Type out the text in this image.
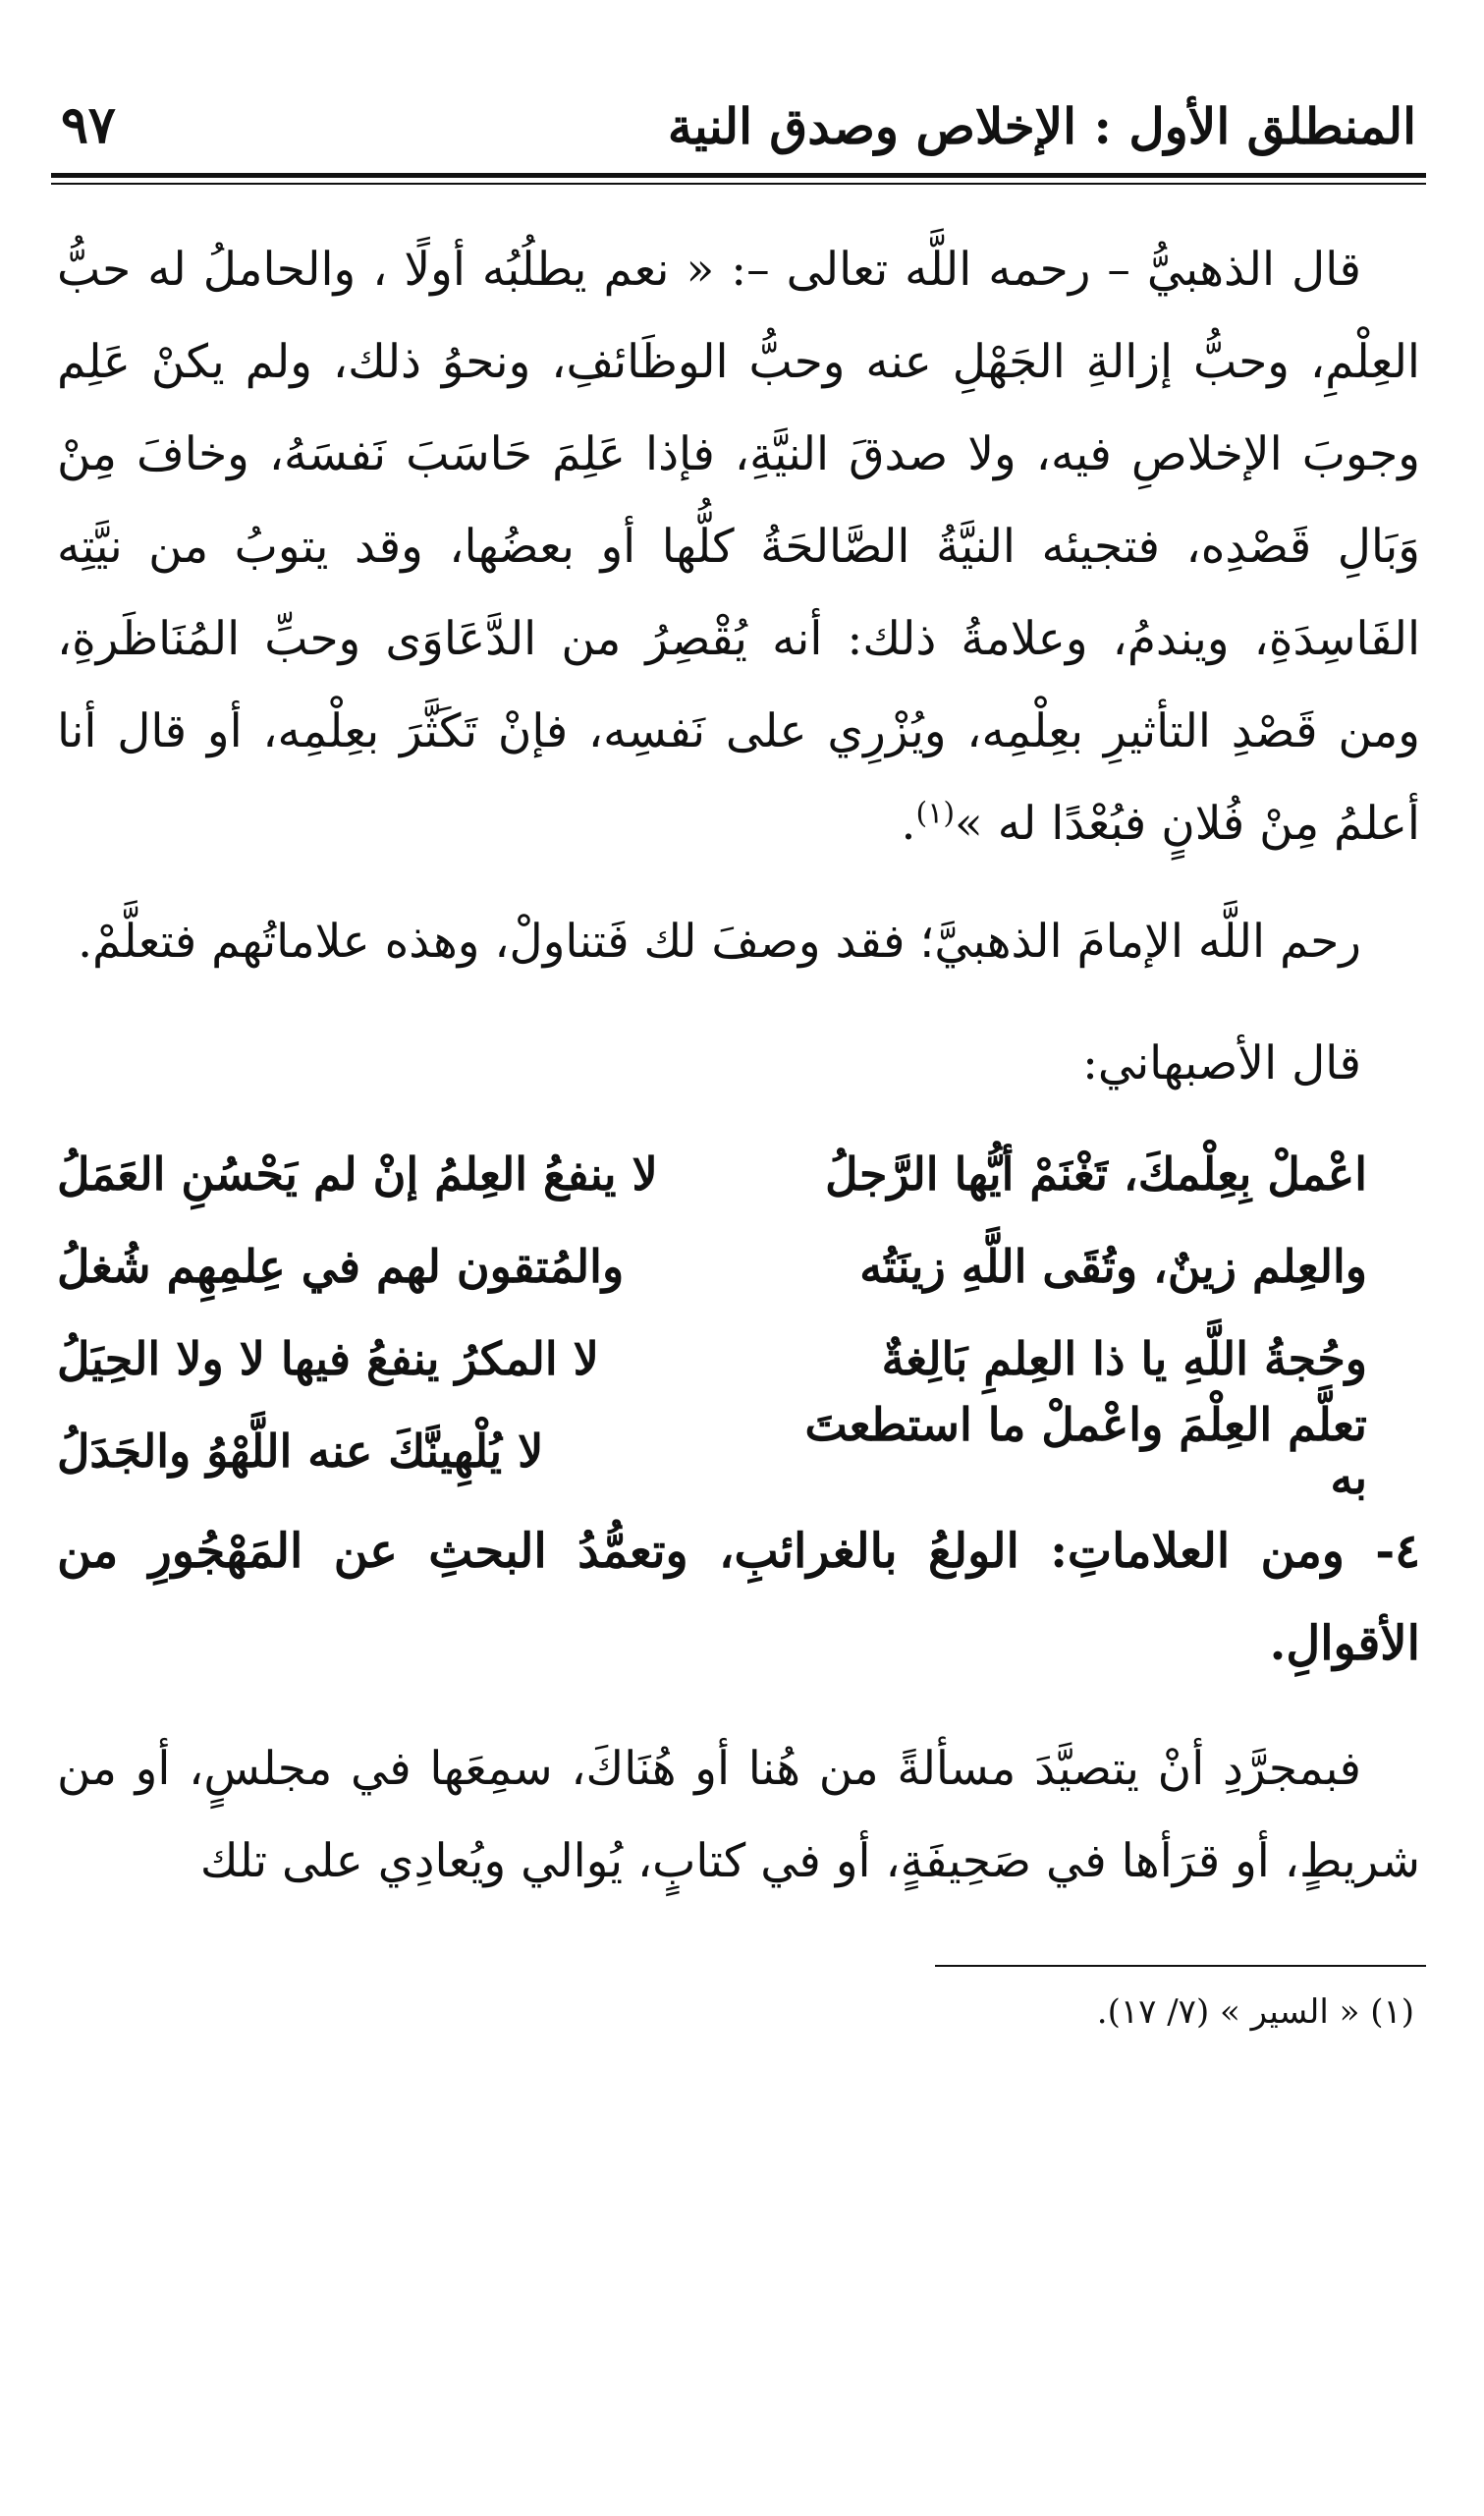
المنطلق الأول : الإخلاص وصدق النية
٩٧

قال الذهبيُّ – رحمه اللَّه تعالى –: « نعم يطلُبُه أولًا ، والحاملُ له حبُّ العِلْمِ، وحبُّ إزالةِ الجَهْلِ عنه وحبُّ الوظَائفِ، ونحوُ ذلك، ولم يكنْ عَلِم وجوبَ الإخلاصِ فيه، ولا صدقَ النيَّةِ، فإذا عَلِمَ حَاسَبَ نَفسَهُ، وخافَ مِنْ وَبَالِ قَصْدِه، فتجيئه النيَّةُ الصَّالحَةُ كلُّها أو بعضُها، وقد يتوبُ من نيَّتِه الفَاسِدَةِ، ويندمُ، وعلامةُ ذلك: أنه يُقْصِرُ من الدَّعَاوَى وحبِّ المُنَاظَرةِ، ومن قَصْدِ التأثيرِ بعِلْمِه، ويُزْرِي على نَفسِه، فإنْ تَكَثَّرَ بعِلْمِه، أو قال أنا أعلمُ مِنْ فُلانٍ فبُعْدًا له »$^{(١)}$.

رحم اللَّه الإمامَ الذهبيَّ؛ فقد وصفَ لك فَتناولْ، وهذه علاماتُهم فتعلَّمْ.

قال الأصبهاني:

اعْملْ بِعِلْمكَ، تَغْنَمْ أيُّها الرَّجلُ
لا ينفعُ العِلمُ إنْ لم يَحْسُنِ العَمَلُ
والعِلم زينٌ، وتُقَى اللَّهِ زينَتُه
والمُتقون لهم في عِلمِهِم شُغلُ
وحُجةُ اللَّهِ يا ذا العِلمِ بَالِغةٌ
لا المكرُ ينفعُ فيها لا ولا الحِيَلُ
تعلَّم العِلْمَ واعْملْ ما استطعتَ به
لا يُلْهِينَّكَ عنه اللَّهْوُ والجَدَلُ

٤- ومن العلاماتِ: الولعُ بالغرائبِ، وتعمُّدُ البحثِ عن المَهْجُورِ من الأقوالِ.

فبمجرَّدِ أنْ يتصيَّدَ مسألةً من هُنا أو هُنَاكَ، سمِعَها في مجلسٍ، أو من شريطٍ، أو قرَأها في صَحِيفَةٍ، أو في كتابٍ، يُوالي ويُعادِي على تلك

(١) « السير » (٧/ ١٧).
